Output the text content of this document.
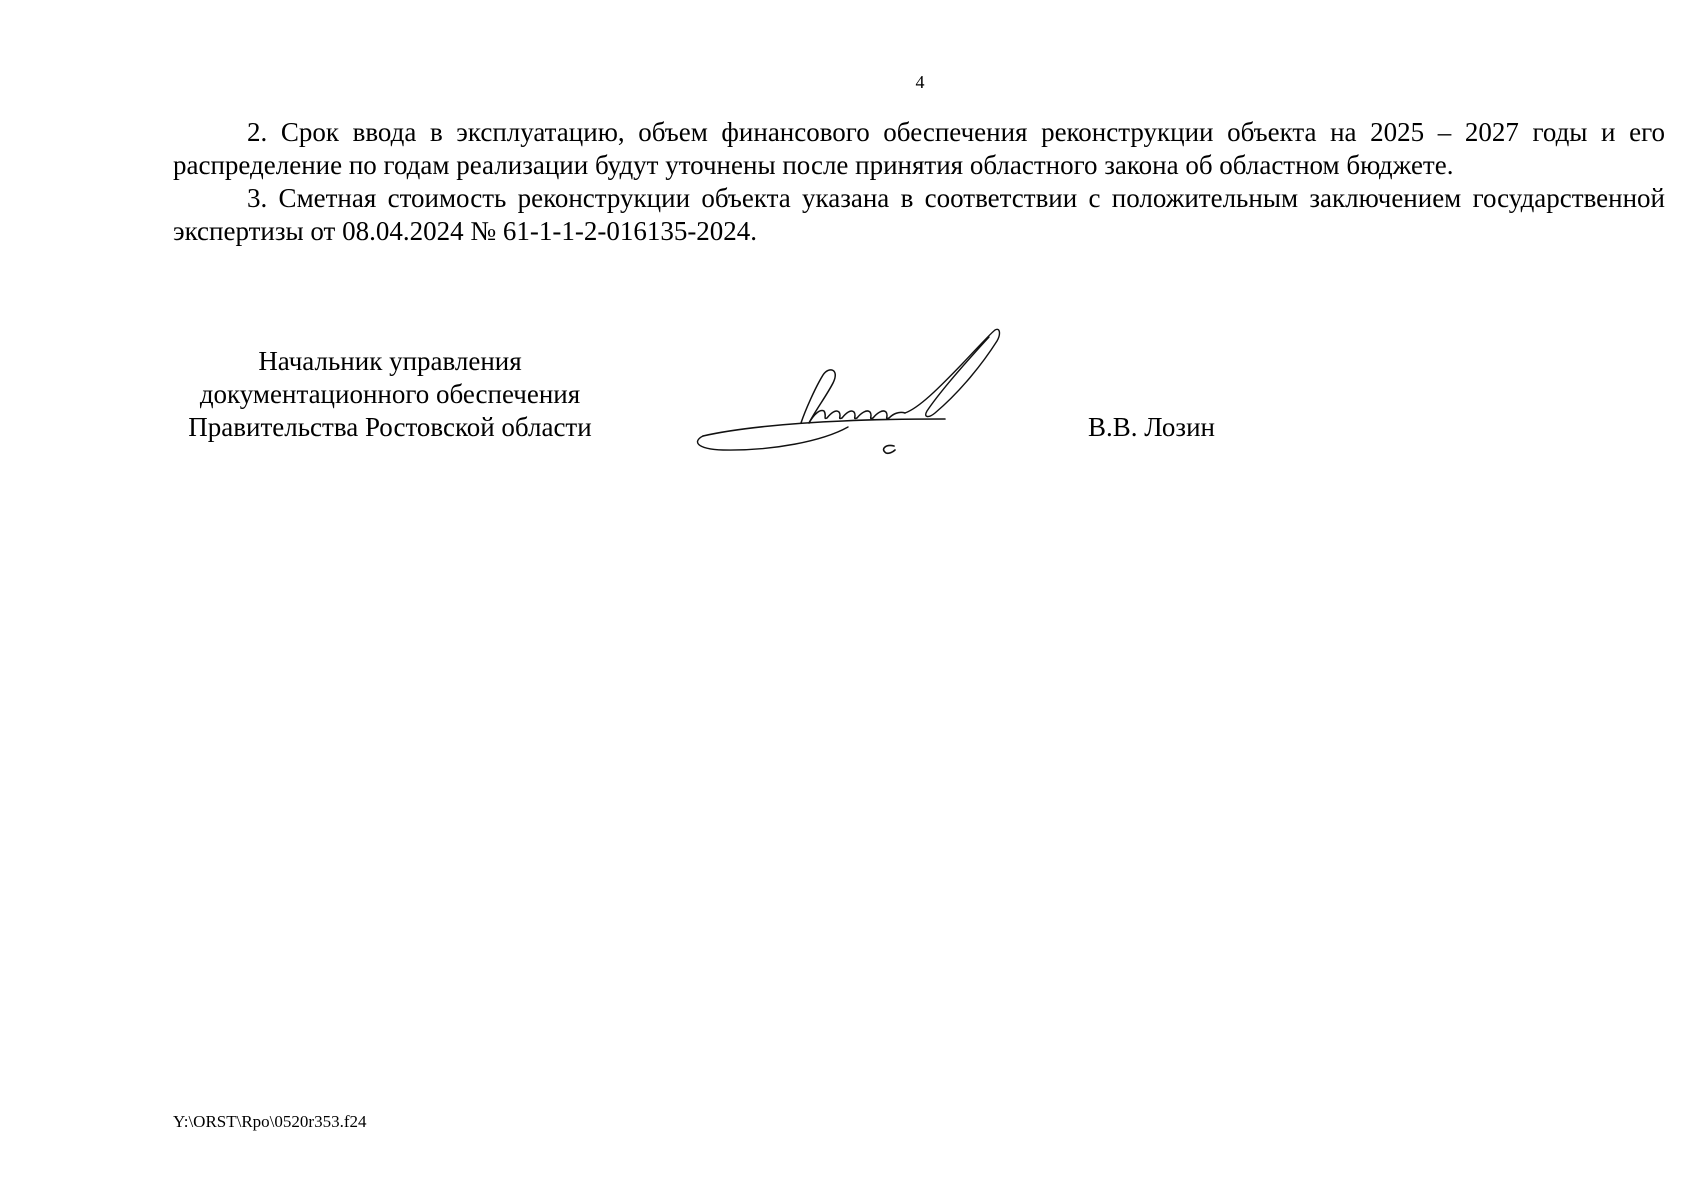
4

2. Срок ввода в эксплуатацию, объем финансового обеспечения реконструкции объекта на 2025 – 2027 годы и его распределение по годам реализации будут уточнены после принятия областного закона об областном бюджете.

3. Сметная стоимость реконструкции объекта указана в соответствии с положительным заключением государственной экспертизы от 08.04.2024 № 61-1-1-2-016135-2024.

Начальник управления
документационного обеспечения
Правительства Ростовской области	В.В. Лозин
Y:\ORST\Rpo\0520r353.f24
